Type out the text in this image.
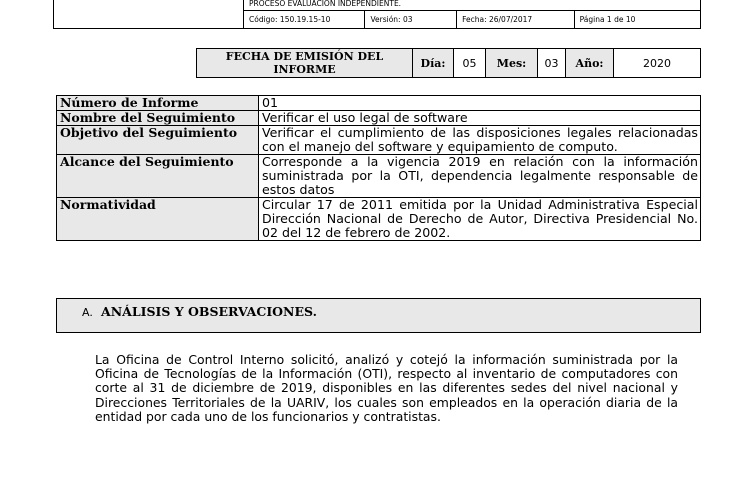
PROCESO EVALUACIÓN INDEPENDIENTE.
Código: 150.19.15-10	Versión: 03	Fecha: 26/07/2017	Página 1 de 10
FECHA DE EMISIÓN DEL INFORME	Día:	05	Mes:	03	Año:	2020
Número de Informe	01
Nombre del Seguimiento	Verificar el uso legal de software
Objetivo del Seguimiento	Verificar el cumplimiento de las disposiciones legales relacionadas con el manejo del software y equipamiento de computo.
Alcance del Seguimiento	Corresponde a la vigencia 2019 en relación con la información suministrada por la OTI, dependencia legalmente responsable de estos datos
Normatividad	Circular 17 de 2011 emitida por la Unidad Administrativa Especial Dirección Nacional de Derecho de Autor, Directiva Presidencial No. 02 del 12 de febrero de 2002.
A. ANÁLISIS Y OBSERVACIONES.
La Oficina de Control Interno solicitó, analizó y cotejó la información suministrada por la Oficina de Tecnologías de la Información (OTI), respecto al inventario de computadores con corte al 31 de diciembre de 2019, disponibles en las diferentes sedes del nivel nacional y Direcciones Territoriales de la UARIV, los cuales son empleados en la operación diaria de la entidad por cada uno de los funcionarios y contratistas.
